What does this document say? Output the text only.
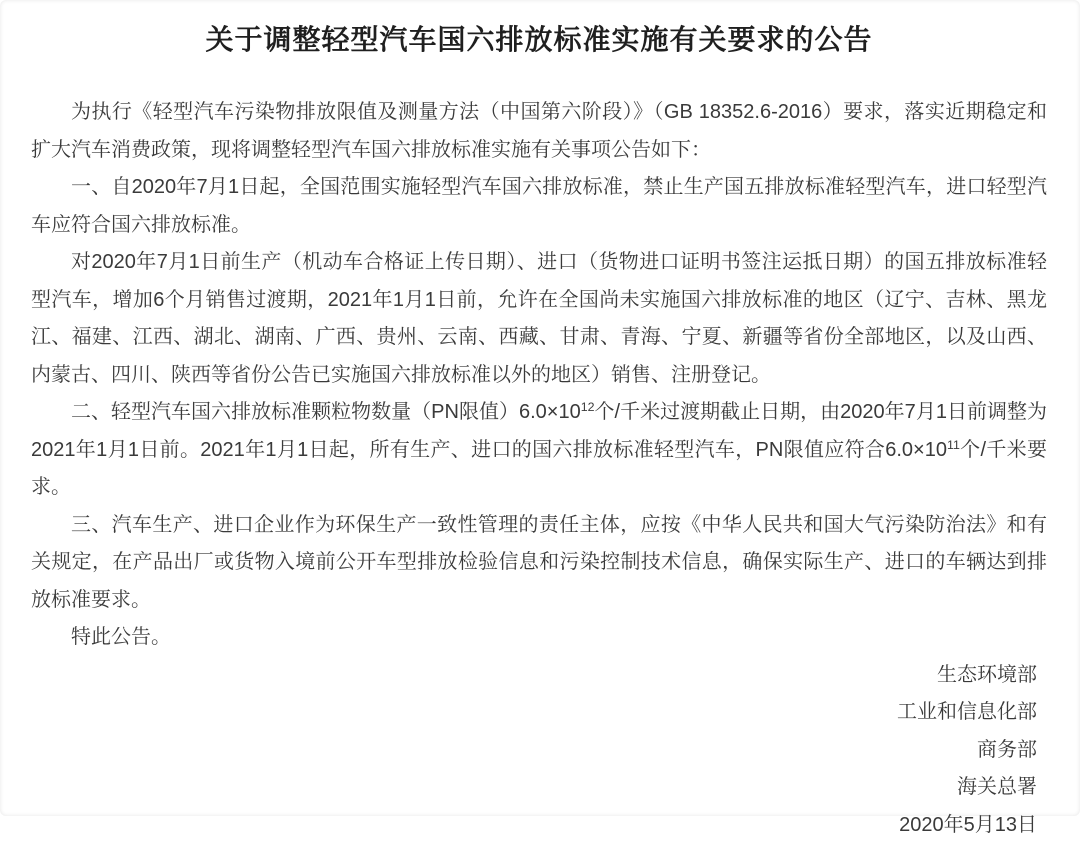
关于调整轻型汽车国六排放标准实施有关要求的公告

为执行《轻型汽车污染物排放限值及测量方法（中国第六阶段）》（GB 18352.6-2016）要求，落实近期稳定和扩大汽车消费政策，现将调整轻型汽车国六排放标准实施有关事项公告如下：

一、自2020年7月1日起，全国范围实施轻型汽车国六排放标准，禁止生产国五排放标准轻型汽车，进口轻型汽车应符合国六排放标准。

对2020年7月1日前生产（机动车合格证上传日期）、进口（货物进口证明书签注运抵日期）的国五排放标准轻型汽车，增加6个月销售过渡期，2021年1月1日前，允许在全国尚未实施国六排放标准的地区（辽宁、吉林、黑龙江、福建、江西、湖北、湖南、广西、贵州、云南、西藏、甘肃、青海、宁夏、新疆等省份全部地区，以及山西、内蒙古、四川、陕西等省份公告已实施国六排放标准以外的地区）销售、注册登记。

二、轻型汽车国六排放标准颗粒物数量（PN限值）$6.0\times 10^{12}$个/千米过渡期截止日期，由2020年7月1日前调整为2021年1月1日前。2021年1月1日起，所有生产、进口的国六排放标准轻型汽车，PN限值应符合$6.0\times 10^{11}$个/千米要求。

三、汽车生产、进口企业作为环保生产一致性管理的责任主体，应按《中华人民共和国大气污染防治法》和有关规定，在产品出厂或货物入境前公开车型排放检验信息和污染控制技术信息，确保实际生产、进口的车辆达到排放标准要求。

特此公告。

生态环境部

工业和信息化部

商务部

海关总署

2020年5月13日
